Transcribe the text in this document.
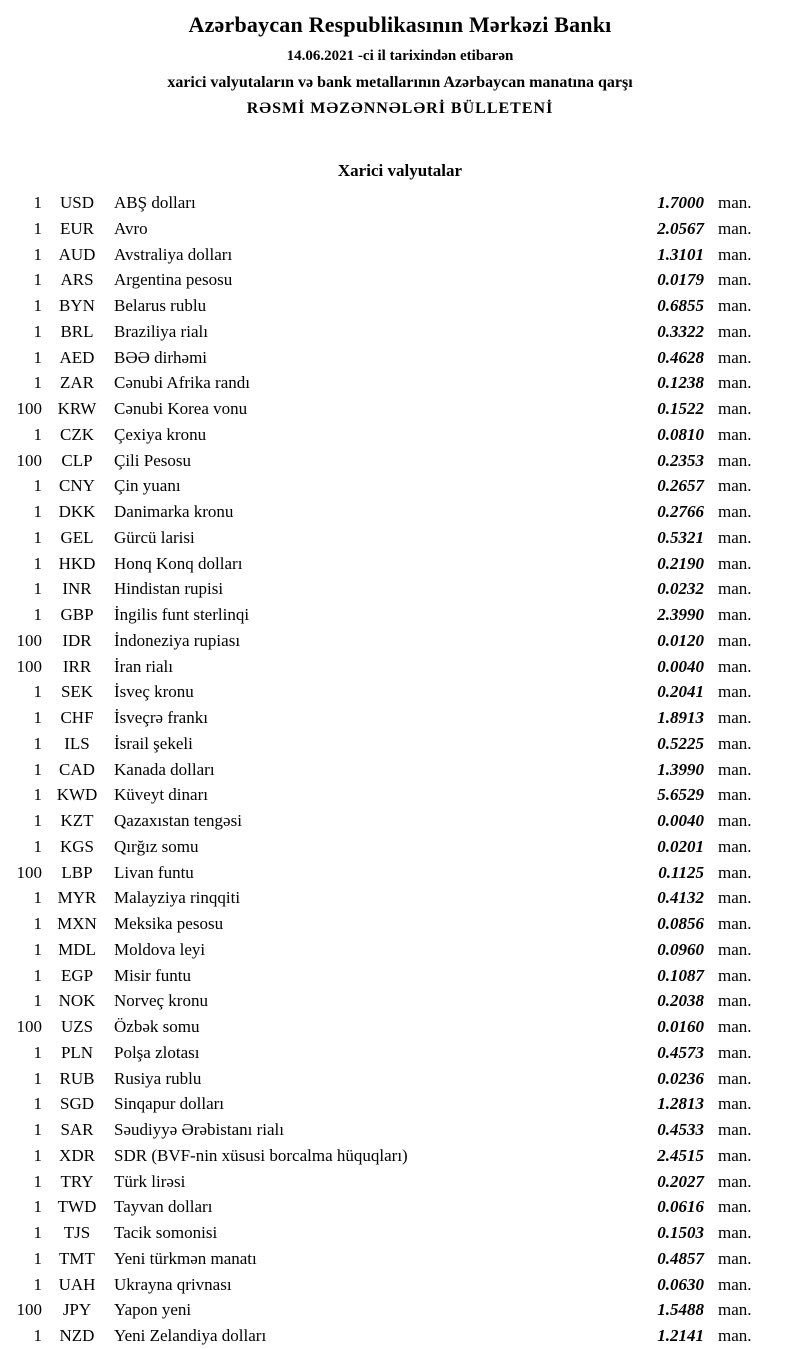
Azərbaycan Respublikasının Mərkəzi Bankı
14.06.2021 -ci il tarixindən etibarən
xarici valyutaların və bank metallarının Azərbaycan manatına qarşı
RƏSMİ MƏZƏNNƏLƏRİ BÜLLETENİ
Xarici valyutalar
1	USD	ABŞ dolları	1.7000 man.
1	EUR	Avro	2.0567 man.
1 AUD	Avstraliya dolları	1.3101 man.
1	ARS	Argentina pesosu	0.0179 man.
1	BYN	Belarus rublu	0.6855 man.
1	BRL	Braziliya rialı	0.3322 man.
1	AED	BƏƏ dirhəmi	0.4628 man.
1	ZAR	Cənubi Afrika randı	0.1238 man.
100 KRW	Cənubi Korea vonu	0.1522 man.
1	CZK	Çexiya kronu	0.0810 man.
100	CLP	Çili Pesosu	0.2353 man.
1	CNY	Çin yuanı	0.2657 man.
1 DKK	Danimarka kronu	0.2766 man.
1	GEL	Gürcü larisi	0.5321 man.
1 HKD	Honq Konq dolları	0.2190 man.
1	INR	Hindistan rupisi	0.0232 man.
1	GBP	İngilis funt sterlinqi	2.3990 man.
100	IDR	İndoneziya rupiası	0.0120 man.
100	IRR	İran rialı	0.0040 man.
1	SEK	İsveç kronu	0.2041 man.
1	CHF	İsveçrə frankı	1.8913 man.
1	ILS	İsrail şekeli	0.5225 man.
1	CAD	Kanada dolları	1.3990 man.
1 KWD Küveyt dinarı	5.6529 man.
1	KZT	Qazaxıstan tengəsi	0.0040 man.
1	KGS	Qırğız somu	0.0201 man.
100	LBP	Livan funtu	0.1125 man.
1 MYR	Malayziya rinqqiti	0.4132 man.
1 MXN	Meksika pesosu	0.0856 man.
1 MDL	Moldova leyi	0.0960 man.
1	EGP	Misir funtu	0.1087 man.
1 NOK	Norveç kronu	0.2038 man.
100	UZS	Özbək somu	0.0160 man.
1	PLN	Polşa zlotası	0.4573 man.
1	RUB	Rusiya rublu	0.0236 man.
1	SGD	Sinqapur dolları	1.2813 man.
1	SAR	Səudiyyə Ərəbistanı rialı	0.4533 man.
1	XDR	SDR (BVF-nin xüsusi borcalma hüquqları)	2.4515 man.
1	TRY	Türk lirəsi	0.2027 man.
1 TWD	Tayvan dolları	0.0616 man.
1	TJS	Tacik somonisi	0.1503 man.
1	TMT	Yeni türkmən manatı	0.4857 man.
1 UAH	Ukrayna qrivnası	0.0630 man.
100	JPY	Yapon yeni	1.5488 man.
1	NZD	Yeni Zelandiya dolları	1.2141 man.
